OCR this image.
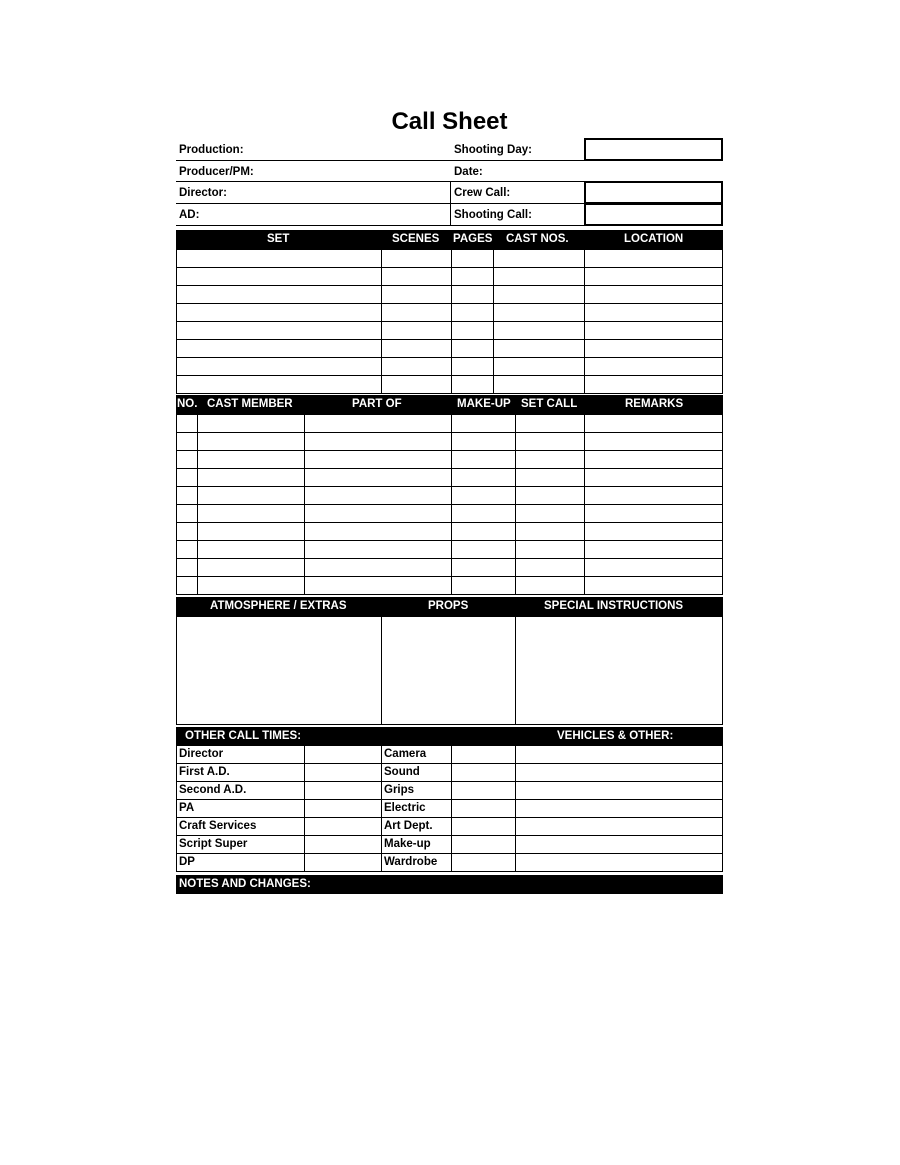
Call Sheet
Production:
Producer/PM:
Director:
AD:
Shooting Day:
Date:
Crew Call:
Shooting Call:
SET	SCENES PAGES CAST NOS.	LOCATION
NO. CAST MEMBER	PART OF	MAKE-UP SET CALL	REMARKS
ATMOSPHERE / EXTRAS	PROPS	SPECIAL INSTRUCTIONS
OTHER CALL TIMES:	VEHICLES & OTHER:
Director	Camera
First A.D.	Sound
Second A.D.	Grips
PA	Electric
Craft Services	Art Dept.
Script Super	Make-up
DP	Wardrobe
NOTES AND CHANGES:
